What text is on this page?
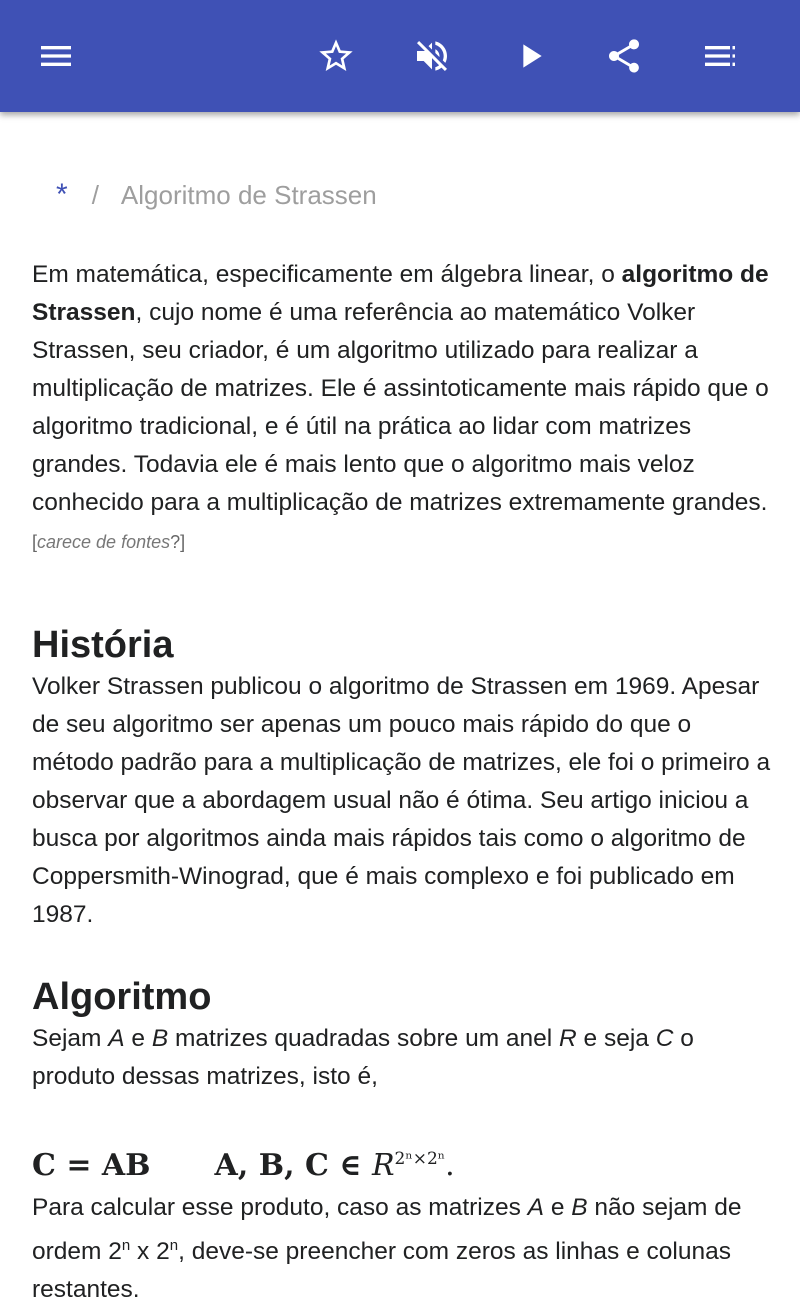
* / Algoritmo de Strassen

Em matemática, especificamente em álgebra linear, o algoritmo de Strassen, cujo nome é uma referência ao matemático Volker Strassen, seu criador, é um algoritmo utilizado para realizar a multiplicação de matrizes. Ele é assintoticamente mais rápido que o algoritmo tradicional, e é útil na prática ao lidar com matrizes grandes. Todavia ele é mais lento que o algoritmo mais veloz conhecido para a multiplicação de matrizes extremamente grandes. [carece de fontes?]

História

Volker Strassen publicou o algoritmo de Strassen em 1969. Apesar de seu algoritmo ser apenas um pouco mais rápido do que o método padrão para a multiplicação de matrizes, ele foi o primeiro a observar que a abordagem usual não é ótima. Seu artigo iniciou a busca por algoritmos ainda mais rápidos tais como o algoritmo de Coppersmith-Winograd, que é mais complexo e foi publicado em 1987.

Algoritmo

Sejam A e B matrizes quadradas sobre um anel R e seja C o produto dessas matrizes, isto é,

C = AB A, B, C ∈ $R^{2^n\times 2^n}$.

Para calcular esse produto, caso as matrizes A e B não sejam de ordem 2$^n$ x 2$^n$, deve-se preencher com zeros as linhas e colunas restantes.
